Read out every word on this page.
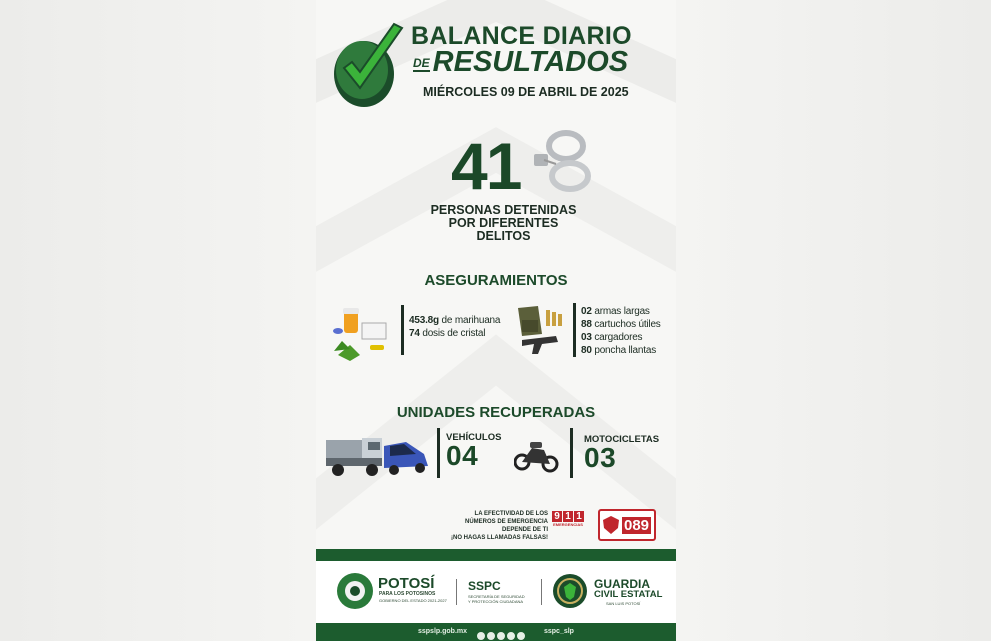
BALANCE DIARIO
DE RESULTADOS
MIÉRCOLES 09 DE ABRIL DE 2025
41
PERSONAS DETENIDAS
POR DIFERENTES
DELITOS
ASEGURAMIENTOS
453.8g de marihuana
74 dosis de cristal
02 armas largas
88 cartuchos útiles
03 cargadores
80 poncha llantas
UNIDADES RECUPERADAS
VEHÍCULOS
04
MOTOCICLETAS
03
LA EFECTIVIDAD DE LOS
NÚMEROS DE EMERGENCIA
DEPENDE DE TI
¡NO HAGAS LLAMADAS FALSAS!
9 1 1
EMERGENCIAS	089
POTOSÍ
PARA LOS POTOSINOS
GOBIERNO DEL ESTADO 2021-2027
SSPC
SECRETARÍA DE SEGURIDAD
Y PROTECCIÓN CIUDADANA
GUARDIA
CIVIL ESTATAL
SAN LUIS POTOSÍ
sspslp.gob.mx	sspc_slp
